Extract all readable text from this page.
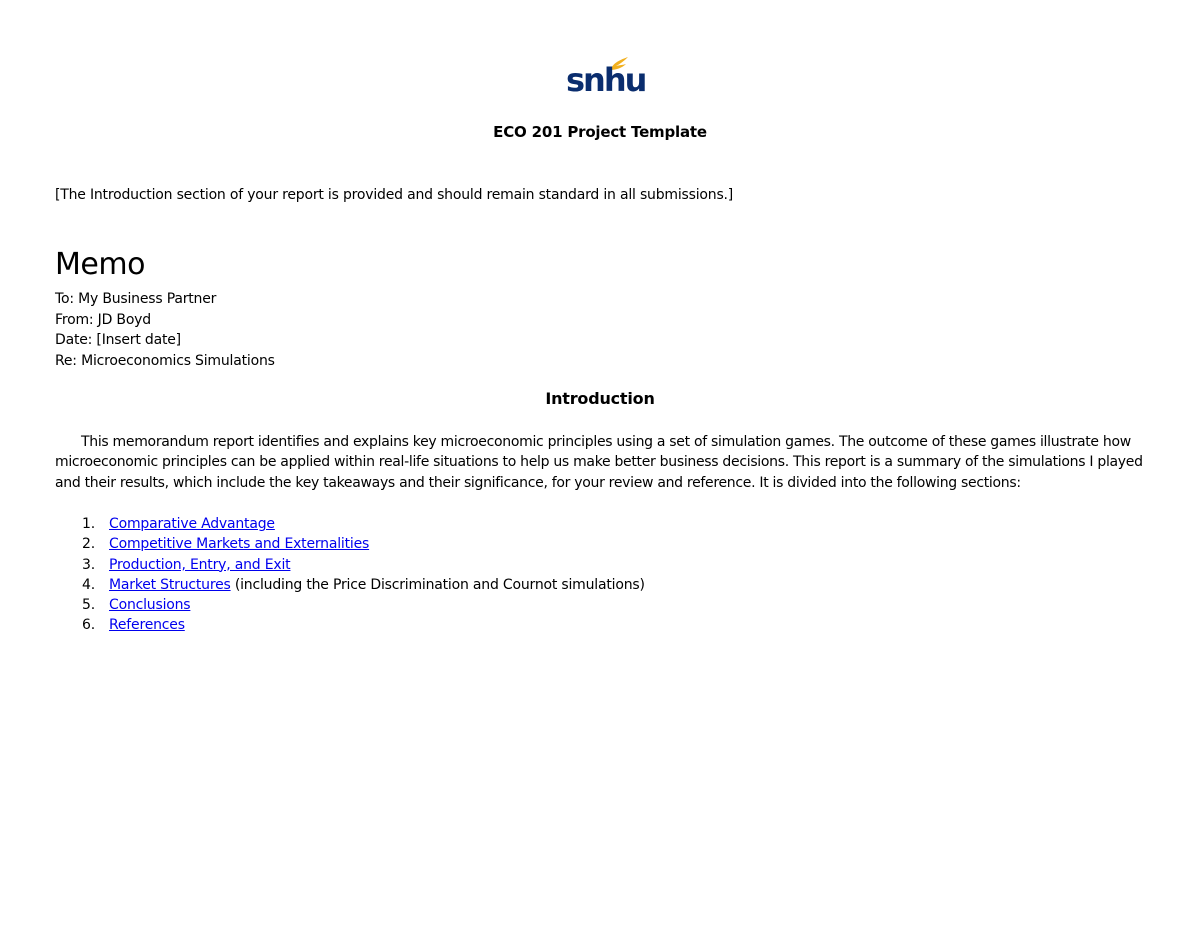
snhu
ECO 201 Project Template
[The Introduction section of your report is provided and should remain standard in all submissions.]
Memo
To: My Business Partner
From: JD Boyd
Date: [Insert date]
Re: Microeconomics Simulations
Introduction
This memorandum report identifies and explains key microeconomic principles using a set of simulation games. The outcome of these games illustrate how microeconomic principles can be applied within real-life situations to help us make better business decisions. This report is a summary of the simulations I played and their results, which include the key takeaways and their significance, for your review and reference. It is divided into the following sections:
1. Comparative Advantage
2. Competitive Markets and Externalities
3. Production, Entry, and Exit
4. Market Structures (including the Price Discrimination and Cournot simulations)
5. Conclusions
6. References
